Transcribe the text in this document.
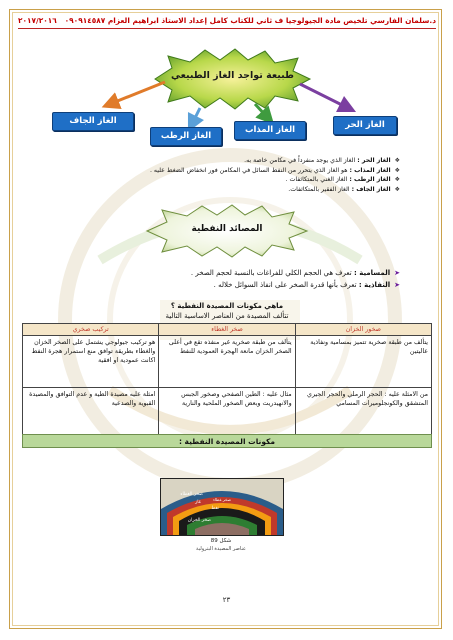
د.سلمان الفارسي تلخيص مادة الجيولوجيا ف ثاني للكتاب كامل إعداد الاستاذ ابراهيم العزام ٠٩٠٩١٤٥٨٧
٢٠١٧/٢٠١٦
طبيعة تواجد الغاز الطبيعي
الغاز الحر
الغاز المذاب
الغاز الرطب
الغاز الجاف
❖
الغاز الحر :

الغاز الذي يوجد منفرداً في مكامن خاصة به.
❖
الغاز المذاب :

هو الغاز الذي يتحرر من النفط السائل في المكامن فور انخفاض الضغط عليه .
❖
الغاز الرطب :

الغاز الغني بالمتكاثفات .
❖
الغاز الجاف :

الغاز الفقير بالمتكاثفات.
المصائد النفطية
➤
المسامية :

تعرف هي الحجم الكلي للفراغات بالنسبة لحجم الصخر .
➤
النفاذية :

تعرف بأنها قدرة الصخر على انفاذ السوائل خلاله .
ماهي مكونات المصيدة النفطية ؟
تتألف المصيدة من العناصر الاساسية التالية
صخور الخزان	صخر الغطاء	تركيب صخري
يتألف من طبقة صخرية تتميز بمسامية ونفاذية عاليتين	يتألف من طبقة صخرية غير منفذه تقع في أعلى الصخر الخزان مانعة الهجرة العمودية للنفط	هو تركيب جيولوجي يشتمل على الصخر الخزان والغطاء بطريقة توافق منع استمرار هجرة النفط اكانت عمودية او افقية
من الامثلة عليه : الحجر الرملي والحجر الجيري المتشقق والكونجلوميرات المسامي	مثال عليه : الطين الصفحي وصخور الجبس والانهيدريت وبعض الصخور الملحية والنارية	امثلة عليه مصيدة الطية و عدم التوافق والمصيدة القبوية والصدعية
مكونات المصيدة النفطية :
صخر الغطاء
غاز
نفط
صخر غطاء
صخر الخزان
شكل 89
عناصر المصيدة البترولية
٢٣
